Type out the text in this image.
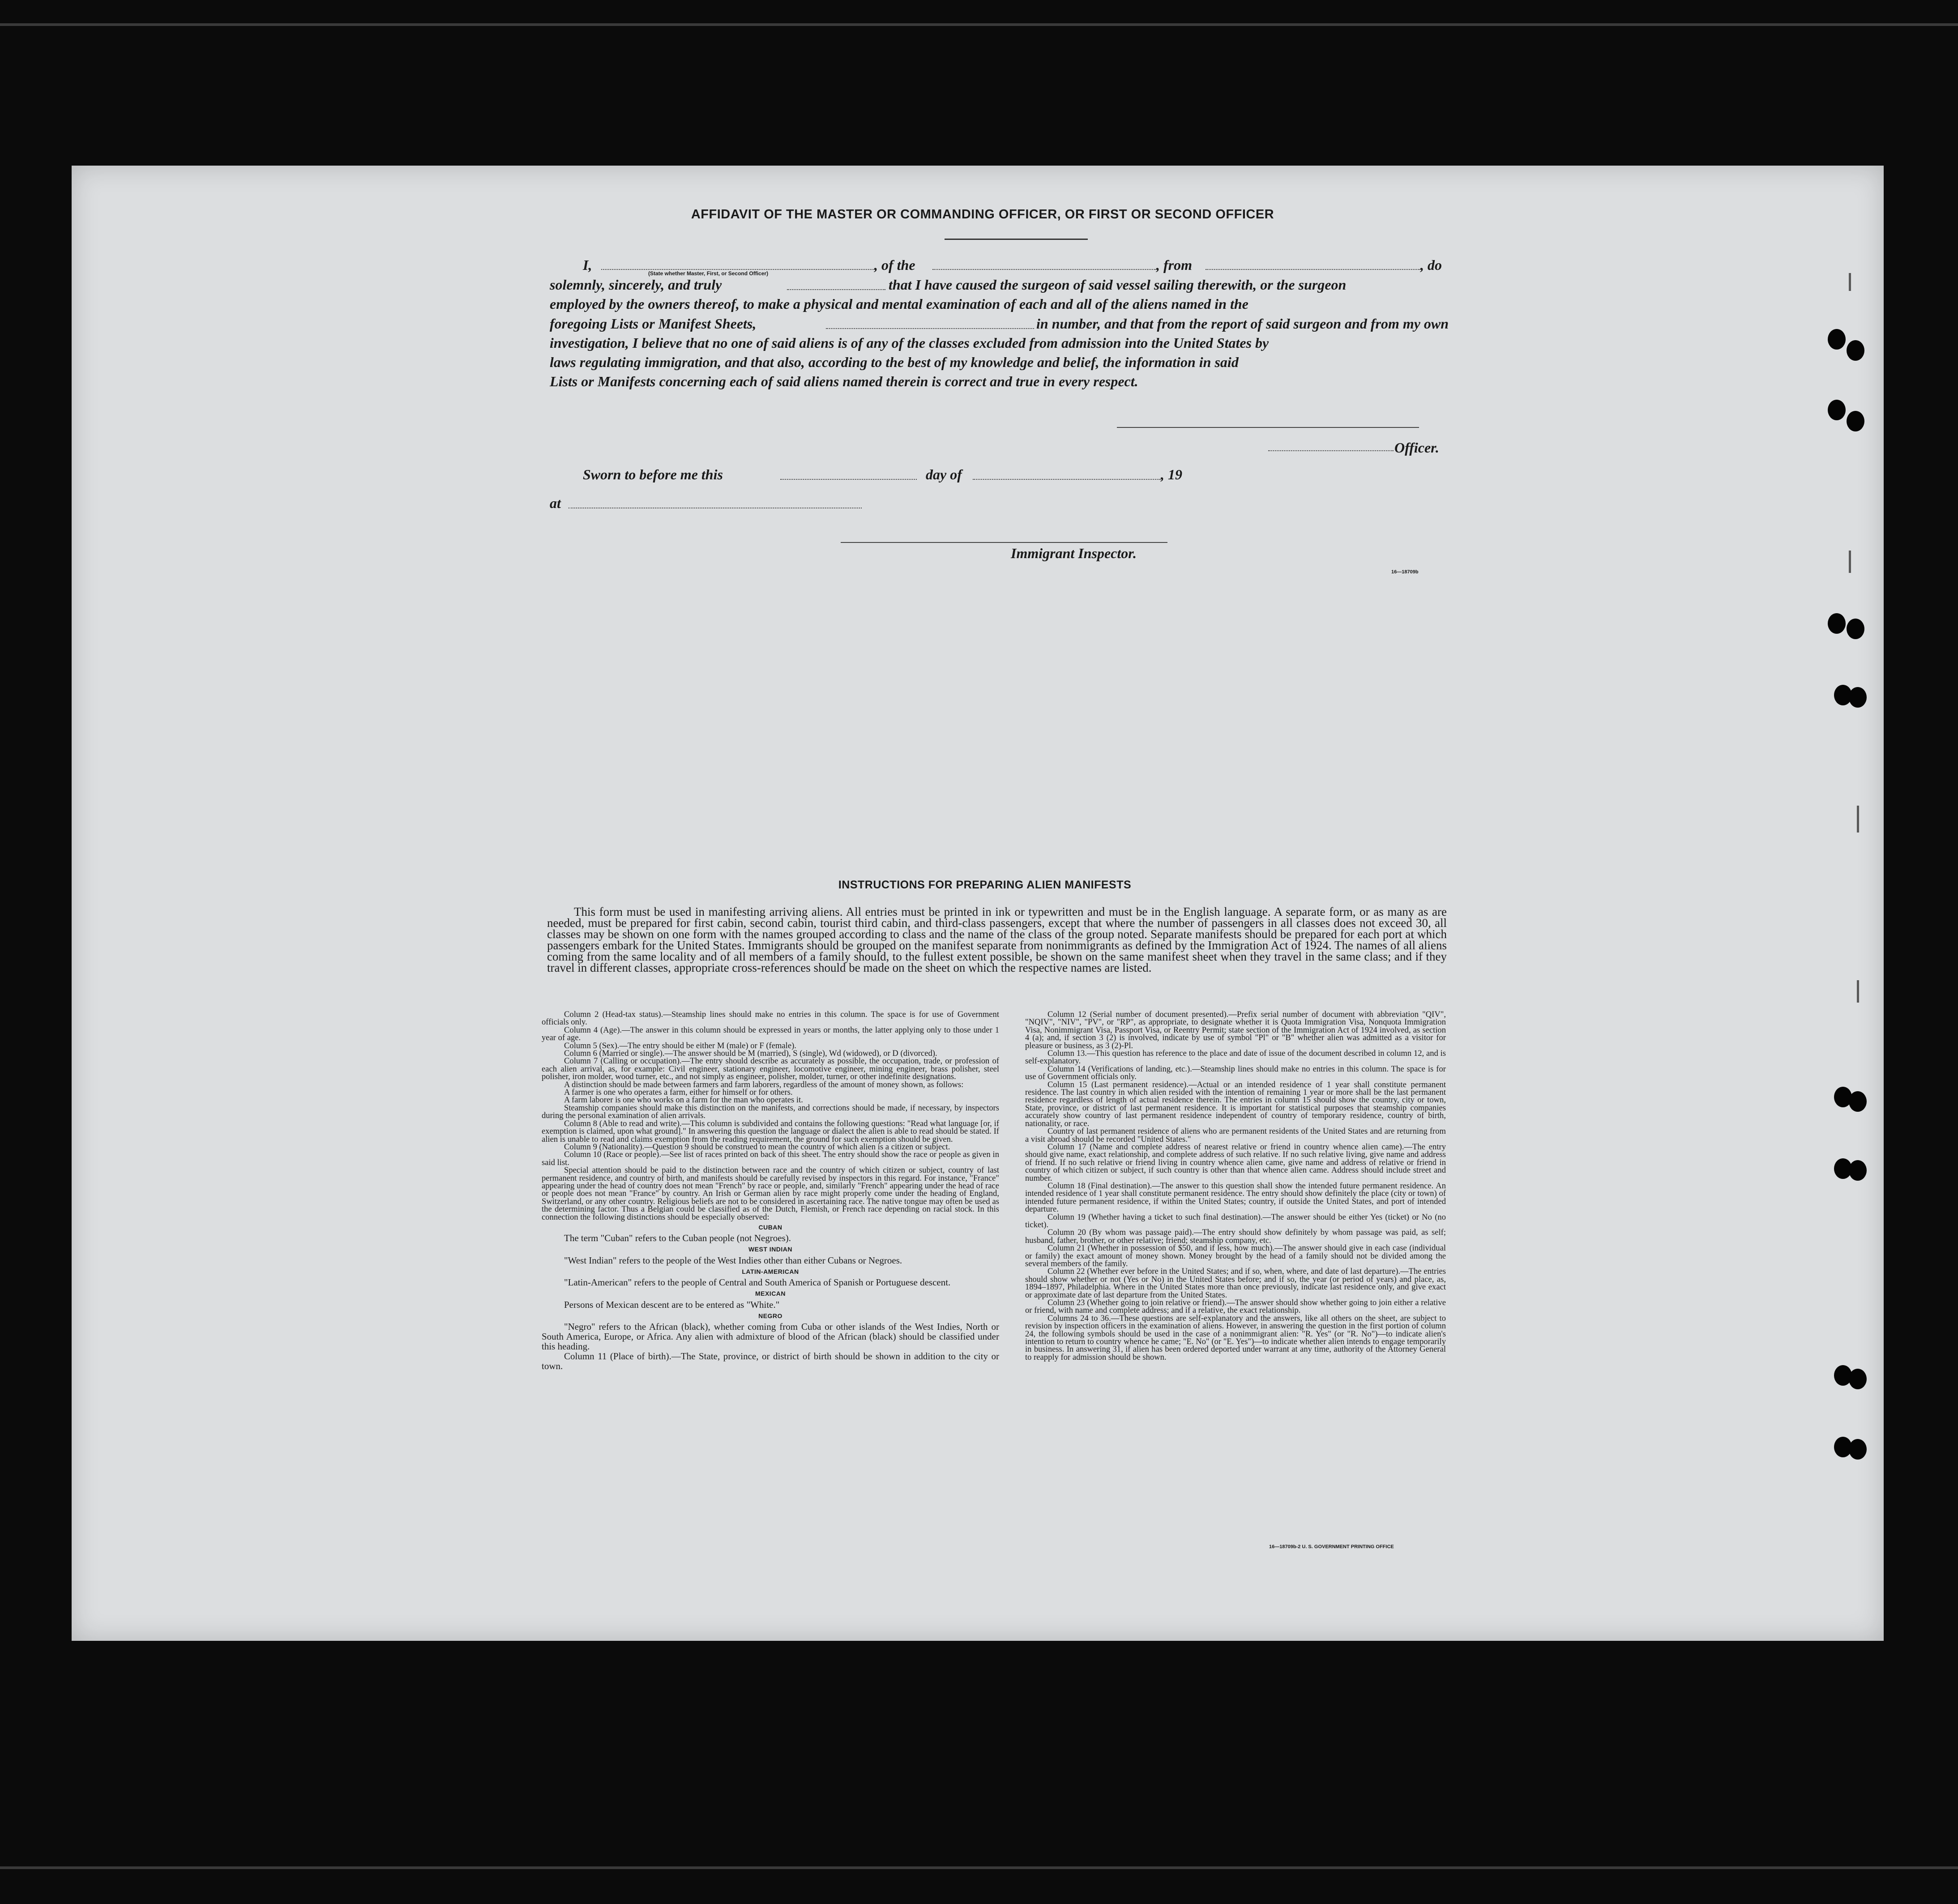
AFFIDAVIT OF THE MASTER OR COMMANDING OFFICER, OR FIRST OR SECOND OFFICER
I,
(State whether Master, First, or Second Officer)
, of the	, from	, do
solemnly, sincerely, and truly	that I have caused the surgeon of said vessel sailing therewith, or the surgeon
employed by the owners thereof, to make a physical and mental examination of each and all of the aliens named in the
foregoing Lists or Manifest Sheets,	in number, and that from the report of said surgeon and from my own
investigation, I believe that no one of said aliens is of any of the classes excluded from admission into the United States by
laws regulating immigration, and that also, according to the best of my knowledge and belief, the information in said
Lists or Manifests concerning each of said aliens named therein is correct and true in every respect.
Officer.
Sworn to before me this	day of	, 19
at
Immigrant Inspector.
16—18709b
INSTRUCTIONS FOR PREPARING ALIEN MANIFESTS
This form must be used in manifesting arriving aliens. All entries must be printed in ink or typewritten and must be in the English language. A separate form, or as many as are needed, must be prepared for first cabin, second cabin, tourist third cabin, and third-class passengers, except that where the number of passengers in all classes does not exceed 30, all classes may be shown on one form with the names grouped according to class and the name of the class of the group noted. Separate manifests should be prepared for each port at which passengers embark for the United States. Immigrants should be grouped on the manifest separate from nonimmigrants as defined by the Immigration Act of 1924. The names of all aliens coming from the same locality and of all members of a family should, to the fullest extent possible, be shown on the same manifest sheet when they travel in the same class; and if they travel in different classes, appropriate cross-references should be made on the sheet on which the respective names are listed.

Column 2 (Head-tax status).—Steamship lines should make no entries in this column. The space is for use of Government officials only.

Column 4 (Age).—The answer in this column should be expressed in years or months, the latter applying only to those under 1 year of age.

Column 5 (Sex).—The entry should be either M (male) or F (female).

Column 6 (Married or single).—The answer should be M (married), S (single), Wd (widowed), or D (divorced).

Column 7 (Calling or occupation).—The entry should describe as accurately as possible, the occupation, trade, or profession of each alien arrival, as, for example: Civil engineer, stationary engineer, locomotive engineer, mining engineer, brass polisher, steel polisher, iron molder, wood turner, etc., and not simply as engineer, polisher, molder, turner, or other indefinite designations.

A distinction should be made between farmers and farm laborers, regardless of the amount of money shown, as follows:

A farmer is one who operates a farm, either for himself or for others.

A farm laborer is one who works on a farm for the man who operates it.

Steamship companies should make this distinction on the manifests, and corrections should be made, if necessary, by inspectors during the personal examination of alien arrivals.

Column 8 (Able to read and write).—This column is subdivided and contains the following questions: "Read what language [or, if exemption is claimed, upon what ground]." In answering this question the language or dialect the alien is able to read should be stated. If alien is unable to read and claims exemption from the reading requirement, the ground for such exemption should be given.

Column 9 (Nationality).—Question 9 should be construed to mean the country of which alien is a citizen or subject.

Column 10 (Race or people).—See list of races printed on back of this sheet. The entry should show the race or people as given in said list.

Special attention should be paid to the distinction between race and the country of which citizen or subject, country of last permanent residence, and country of birth, and manifests should be carefully revised by inspectors in this regard. For instance, "France" appearing under the head of country does not mean "French" by race or people, and, similarly "French" appearing under the head of race or people does not mean "France" by country. An Irish or German alien by race might properly come under the heading of England, Switzerland, or any other country. Religious beliefs are not to be considered in ascertaining race. The native tongue may often be used as the determining factor. Thus a Belgian could be classified as of the Dutch, Flemish, or French race depending on racial stock. In this connection the following distinctions should be especially observed:

CUBAN

The term "Cuban" refers to the Cuban people (not Negroes).

WEST INDIAN

"West Indian" refers to the people of the West Indies other than either Cubans or Negroes.

LATIN-AMERICAN

"Latin-American" refers to the people of Central and South America of Spanish or Portuguese descent.

MEXICAN

Persons of Mexican descent are to be entered as "White."

NEGRO

"Negro" refers to the African (black), whether coming from Cuba or other islands of the West Indies, North or South America, Europe, or Africa. Any alien with admixture of blood of the African (black) should be classified under this heading.

Column 11 (Place of birth).—The State, province, or district of birth should be shown in addition to the city or town.

Column 12 (Serial number of document presented).—Prefix serial number of document with abbreviation "QIV", "NQIV", "NIV", "PV", or "RP", as appropriate, to designate whether it is Quota Immigration Visa, Nonquota Immigration Visa, Nonimmigrant Visa, Passport Visa, or Reentry Permit; state section of the Immigration Act of 1924 involved, as section 4 (a); and, if section 3 (2) is involved, indicate by use of symbol "Pl" or "B" whether alien was admitted as a visitor for pleasure or business, as 3 (2)-Pl.

Column 13.—This question has reference to the place and date of issue of the document described in column 12, and is self-explanatory.

Column 14 (Verifications of landing, etc.).—Steamship lines should make no entries in this column. The space is for use of Government officials only.

Column 15 (Last permanent residence).—Actual or an intended residence of 1 year shall constitute permanent residence. The last country in which alien resided with the intention of remaining 1 year or more shall be the last permanent residence regardless of length of actual residence therein. The entries in column 15 should show the country, city or town, State, province, or district of last permanent residence. It is important for statistical purposes that steamship companies accurately show country of last permanent residence independent of country of temporary residence, country of birth, nationality, or race.

Country of last permanent residence of aliens who are permanent residents of the United States and are returning from a visit abroad should be recorded "United States."

Column 17 (Name and complete address of nearest relative or friend in country whence alien came).—The entry should give name, exact relationship, and complete address of such relative. If no such relative living, give name and address of friend. If no such relative or friend living in country whence alien came, give name and address of relative or friend in country of which citizen or subject, if such country is other than that whence alien came. Address should include street and number.

Column 18 (Final destination).—The answer to this question shall show the intended future permanent residence. An intended residence of 1 year shall constitute permanent residence. The entry should show definitely the place (city or town) of intended future permanent residence, if within the United States; country, if outside the United States, and port of intended departure.

Column 19 (Whether having a ticket to such final destination).—The answer should be either Yes (ticket) or No (no ticket).

Column 20 (By whom was passage paid).—The entry should show definitely by whom passage was paid, as self; husband, father, brother, or other relative; friend; steamship company, etc.

Column 21 (Whether in possession of $50, and if less, how much).—The answer should give in each case (individual or family) the exact amount of money shown. Money brought by the head of a family should not be divided among the several members of the family.

Column 22 (Whether ever before in the United States; and if so, when, where, and date of last departure).—The entries should show whether or not (Yes or No) in the United States before; and if so, the year (or period of years) and place, as, 1894–1897, Philadelphia. Where in the United States more than once previously, indicate last residence only, and give exact or approximate date of last departure from the United States.

Column 23 (Whether going to join relative or friend).—The answer should show whether going to join either a relative or friend, with name and complete address; and if a relative, the exact relationship.

Columns 24 to 36.—These questions are self-explanatory and the answers, like all others on the sheet, are subject to revision by inspection officers in the examination of aliens. However, in answering the question in the first portion of column 24, the following symbols should be used in the case of a nonimmigrant alien: "R. Yes" (or "R. No")—to indicate alien's intention to return to country whence he came; "E. No" (or "E. Yes")—to indicate whether alien intends to engage temporarily in business. In answering 31, if alien has been ordered deported under warrant at any time, authority of the Attorney General to reapply for admission should be shown.

16—18709b-2 U. S. GOVERNMENT PRINTING OFFICE
